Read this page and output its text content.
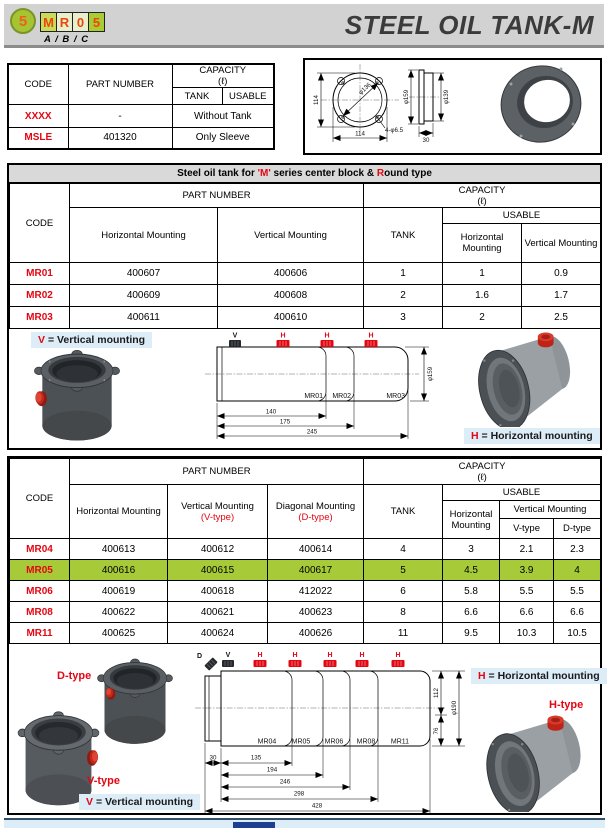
5	M R 0 5
A / B / C	STEEL OIL TANK-M
CODE	PART NUMBER	CAPACITY
(ℓ)	
		TANK	USABLE
XXXX	-	Without Tank	
MSLE	401320	Only Sleeve	
114
114
φ136
4-φ6.5
φ159	φ139
30
Steel oil tank for 'M' series center block & Round type
CODE	PART NUMBER		CAPACITY
(ℓ)		
	Horizontal Mounting	Vertical Mounting	TANK	USABLE	
				Horizontal Mounting	Vertical Mounting
MR01	400607	400606	1	1	0.9
MR02	400609	400608	2	1.6	1.7
MR03	400611	400610	3	2	2.5
V = Vertical mounting	V	H	H	H
MR01 MR02	MR03
140
175
245
φ159
H = Horizontal mounting
CODE	PART NUMBER			CAPACITY
(ℓ)			
	Horizontal Mounting	Vertical Mounting
(V-type)	Diagonal Mounting
(D-type)	TANK	USABLE		
					Horizontal Mounting	Vertical Mounting	
						V-type	D-type
MR04	400613	400612	400614	4	3	2.1	2.3
MR05	400616	400615	400617	5	4.5	3.9	4
MR06	400619	400618	412022	6	5.8	5.5	5.5
MR08	400622	400621	400623	8	6.6	6.6	6.6
MR11	400625	400624	400626	11	9.5	10.3	10.5
D-type
V-type
V = Vertical mounting
D	V	H	H	H	H	H
MR04 MR05 MR06 MR08 MR11
112
76
φ190
30	135
194
246
298
428
H = Horizontal mounting
H-type
